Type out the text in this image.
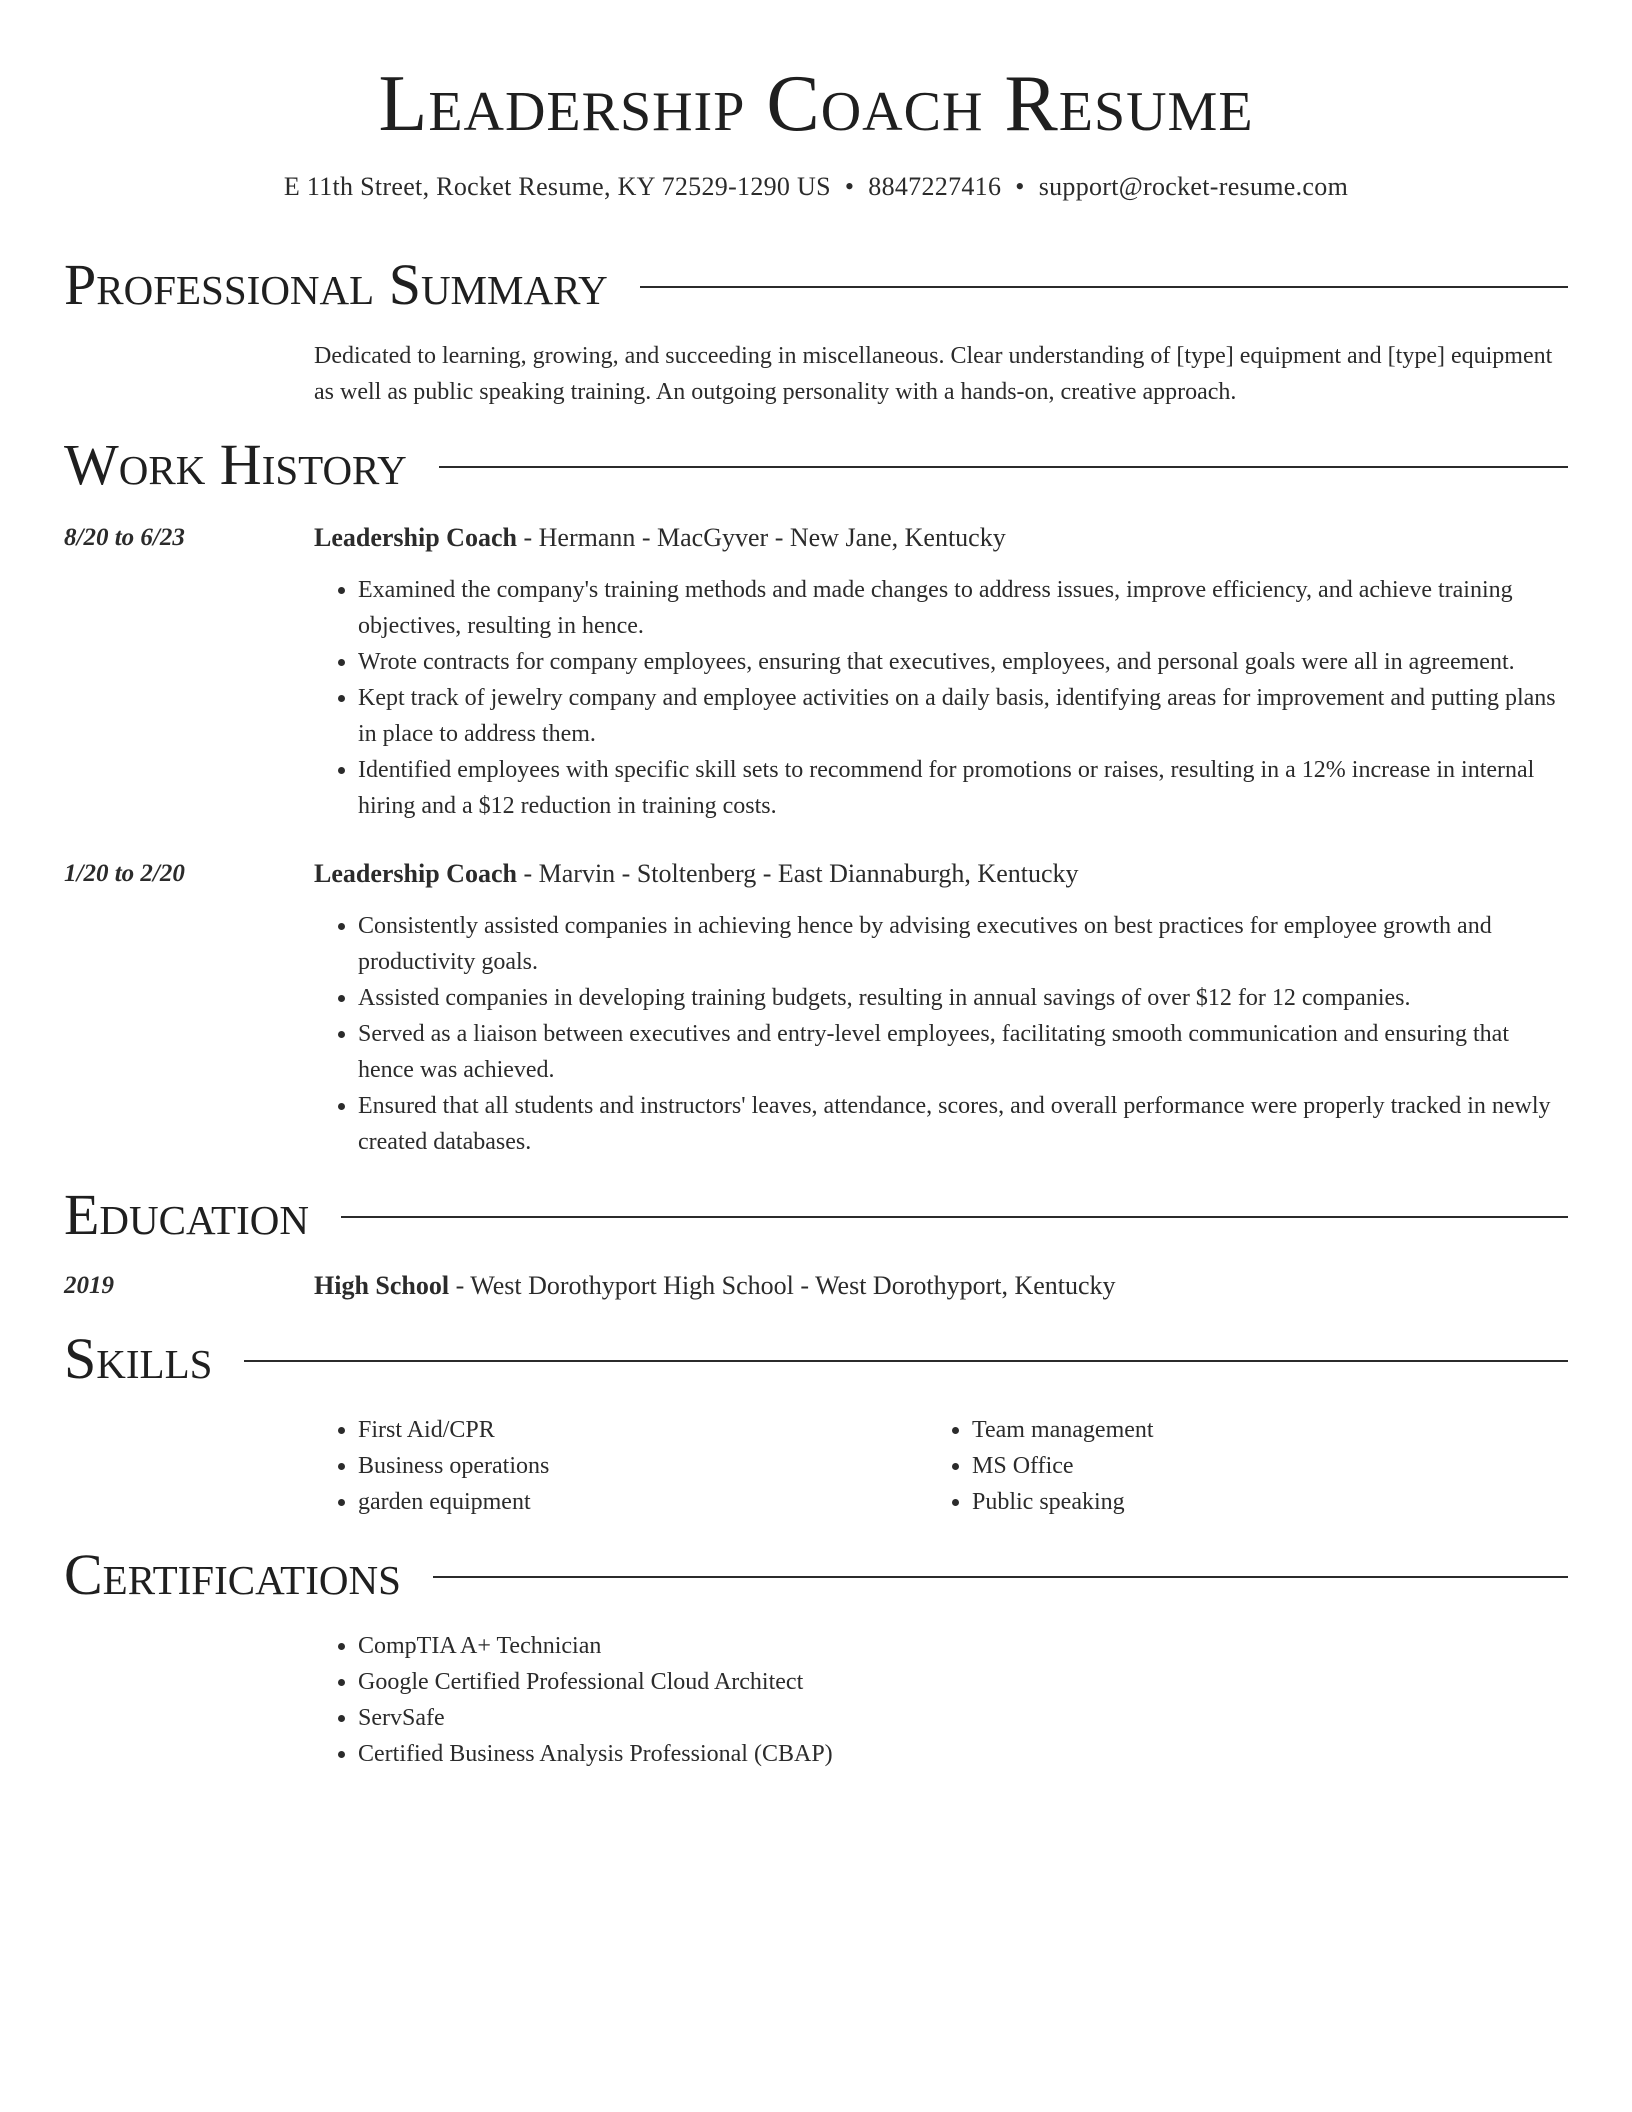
Leadership Coach Resume
E 11th Street, Rocket Resume, KY 72529-1290 US • 8847227416 • support@rocket-resume.com
Professional Summary
Dedicated to learning, growing, and succeeding in miscellaneous. Clear understanding of [type] equipment and [type] equipment as well as public speaking training. An outgoing personality with a hands-on, creative approach.
Work History
8/20 to 6/23	Leadership Coach - Hermann - MacGyver - New Jane, Kentucky
• Examined the company's training methods and made changes to address issues, improve efficiency, and achieve training objectives, resulting in hence.
• Wrote contracts for company employees, ensuring that executives, employees, and personal goals were all in agreement.
• Kept track of jewelry company and employee activities on a daily basis, identifying areas for improvement and putting plans in place to address them.
• Identified employees with specific skill sets to recommend for promotions or raises, resulting in a 12% increase in internal hiring and a $12 reduction in training costs.
1/20 to 2/20	Leadership Coach - Marvin - Stoltenberg - East Diannaburgh, Kentucky
• Consistently assisted companies in achieving hence by advising executives on best practices for employee growth and productivity goals.
• Assisted companies in developing training budgets, resulting in annual savings of over $12 for 12 companies.
• Served as a liaison between executives and entry-level employees, facilitating smooth communication and ensuring that hence was achieved.
• Ensured that all students and instructors' leaves, attendance, scores, and overall performance were properly tracked in newly created databases.
Education
2019	High School - West Dorothyport High School - West Dorothyport, Kentucky
Skills
• First Aid/CPR
• Business operations
• garden equipment
• Team management
• MS Office
• Public speaking
Certifications
• CompTIA A+ Technician
• Google Certified Professional Cloud Architect
• ServSafe
• Certified Business Analysis Professional (CBAP)
